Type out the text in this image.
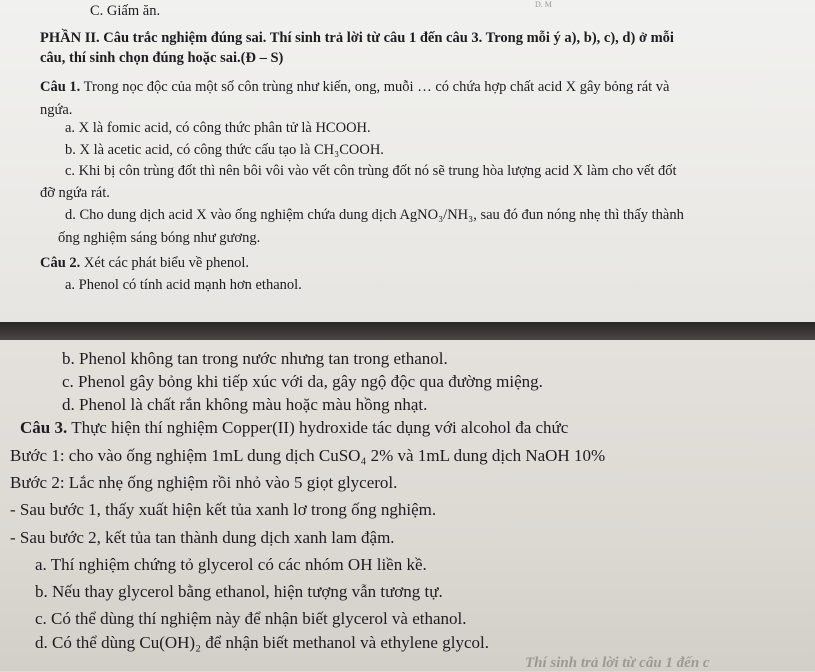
D. M
C. Giấm ăn.
PHẦN II. Câu trắc nghiệm đúng sai. Thí sinh trả lời từ câu 1 đến câu 3. Trong mỗi ý a), b), c), d) ở mỗi
câu, thí sinh chọn đúng hoặc sai.(Đ – S)
Câu 1. Trong nọc độc của một số côn trùng như kiến, ong, muỗi … có chứa hợp chất acid X gây bỏng rát và
ngứa.
a. X là fomic acid, có công thức phân tử là HCOOH.
b. X là acetic acid, có công thức cấu tạo là CH₃COOH.
c. Khi bị côn trùng đốt thì nên bôi vôi vào vết côn trùng đốt nó sẽ trung hòa lượng acid X làm cho vết đốt
đỡ ngứa rát.
d. Cho dung dịch acid X vào ống nghiệm chứa dung dịch AgNO₃/NH₃, sau đó đun nóng nhẹ thì thấy thành
ống nghiệm sáng bóng như gương.
Câu 2. Xét các phát biểu về phenol.
a. Phenol có tính acid mạnh hơn ethanol.
b. Phenol không tan trong nước nhưng tan trong ethanol.
c. Phenol gây bỏng khi tiếp xúc với da, gây ngộ độc qua đường miệng.
d. Phenol là chất rắn không màu hoặc màu hồng nhạt.
Câu 3. Thực hiện thí nghiệm Copper(II) hydroxide tác dụng với alcohol đa chức
Bước 1: cho vào ống nghiệm 1mL dung dịch CuSO₄ 2% và 1mL dung dịch NaOH 10%
Bước 2: Lắc nhẹ ống nghiệm rồi nhỏ vào 5 giọt glycerol.
- Sau bước 1, thấy xuất hiện kết tủa xanh lơ trong ống nghiệm.
- Sau bước 2, kết tủa tan thành dung dịch xanh lam đậm.
a. Thí nghiệm chứng tỏ glycerol có các nhóm OH liền kề.
b. Nếu thay glycerol bằng ethanol, hiện tượng vẫn tương tự.
c. Có thể dùng thí nghiệm này để nhận biết glycerol và ethanol.
d. Có thể dùng Cu(OH)₂ để nhận biết methanol và ethylene glycol.
Thí sinh trả lời từ câu 1 đến c
